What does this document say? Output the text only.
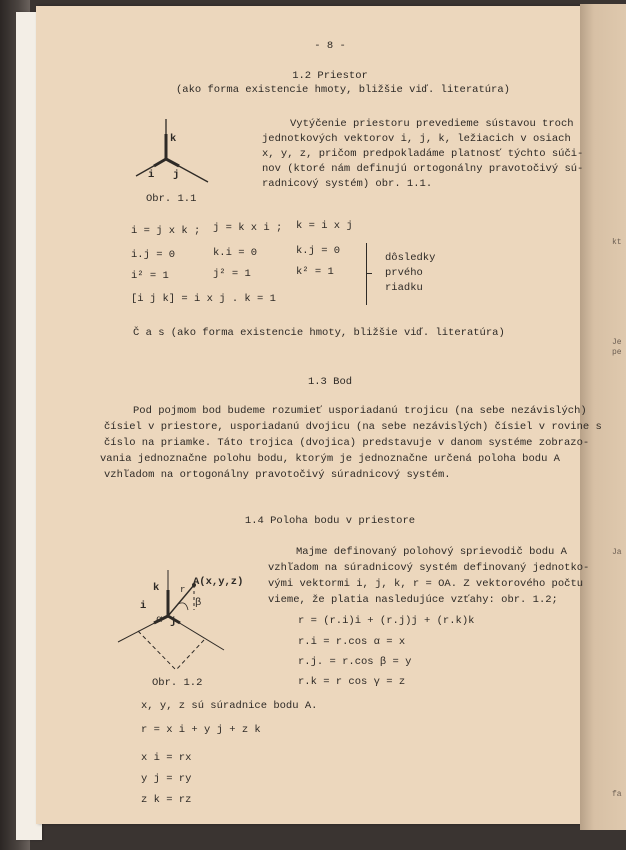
kt
Je
pe
Ja
fa
- 8 -
1.2 Priestor
(ako forma existencie hmoty, bližšie viď. literatúra)
Vytýčenie priestoru prevedieme sústavou troch
jednotkových vektorov i, j, k, ležiacich v osiach
x, y, z, pričom predpokladáme platnosť týchto súči-
nov (ktoré nám definujú ortogonálny pravotočivý sú-
radnicový systém) obr. 1.1.
k
i j
Obr. 1.1
i = j x k ; j = k x i ; k = i x j
i.j = 0	k.i = 0	k.j = 0
i² = 1	j² = 1	k² = 1
[i j k] = i x j . k = 1
dôsledky
prvého
riadku
Č a s (ako forma existencie hmoty, bližšie viď. literatúra)
1.3 Bod
Pod pojmom bod budeme rozumieť usporiadanú trojicu (na sebe nezávislých)
čísiel v priestore, usporiadanú dvojicu (na sebe nezávislých) čísiel v rovine s
číslo na priamke. Táto trojica (dvojica) predstavuje v danom systéme zobrazo-
vania jednoznačne polohu bodu, ktorým je jednoznačne určená poloha bodu A
vzhľadom na ortogonálny pravotočivý súradnicový systém.
1.4 Poloha bodu v priestore
Majme definovaný polohový sprievodič bodu A
vzhľadom na súradnicový systém definovaný jednotko-
vými vektormi i, j, k, r = OA. Z vektorového počtu
vieme, že platia nasledujúce vzťahy: obr. 1.2;
r = (r.i)i + (r.j)j + (r.k)k
r.i = r.cos α = x
r.j. = r.cos β = y
r.k = r cos γ = z
A(x,y,z)
k r
i
j
α
β
Obr. 1.2
x, y, z sú súradnice bodu A.
r = x i + y j + z k
x i = rx
y j = ry
z k = rz
